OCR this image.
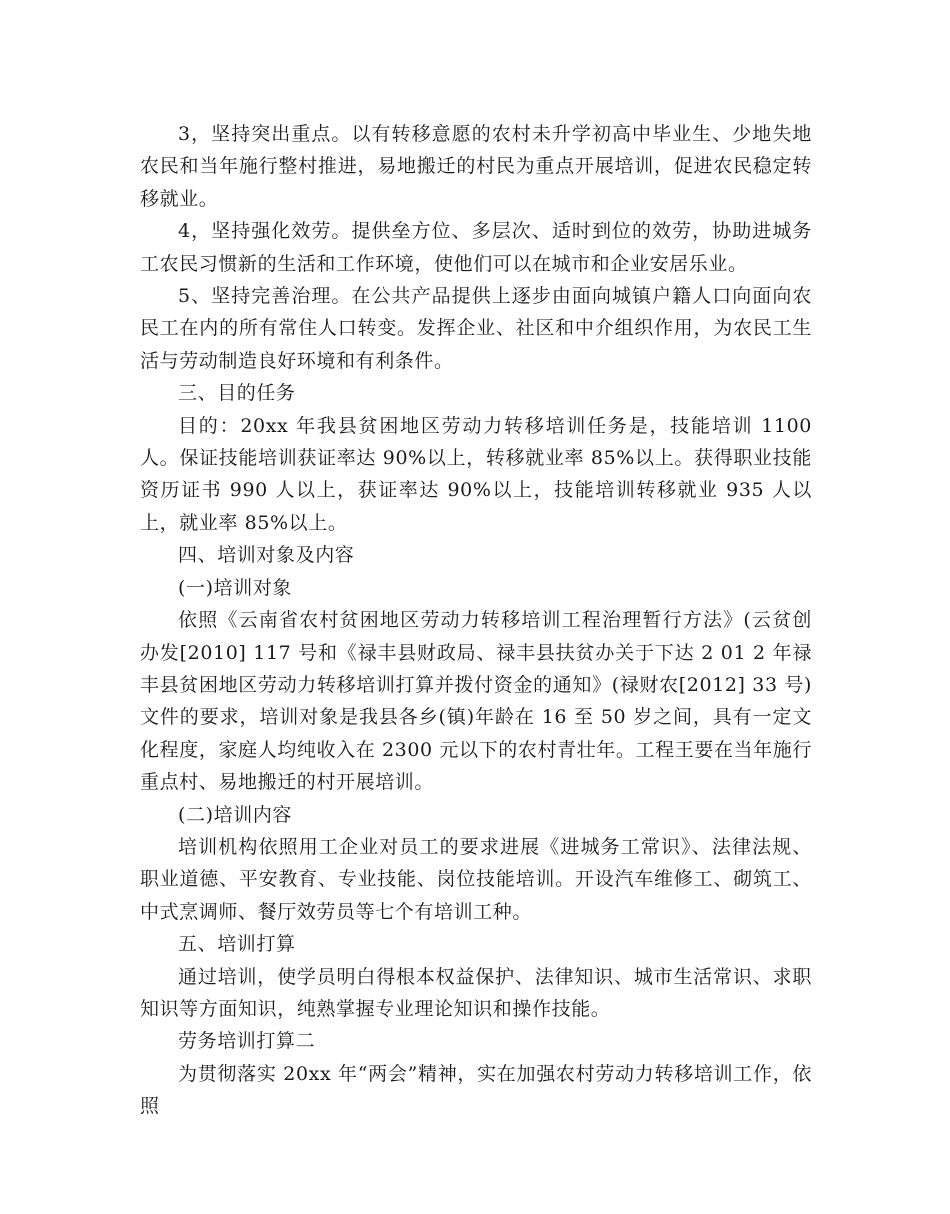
3，坚持突出重点。以有转移意愿的农村未升学初高中毕业生、少地失地农民和当年施行整村推进，易地搬迁的村民为重点开展培训，促进农民稳定转移就业。

4，坚持强化效劳。提供垒方位、多层次、适时到位的效劳，协助进城务工农民习惯新的生活和工作环境，使他们可以在城市和企业安居乐业。

5、坚持完善治理。在公共产品提供上逐步由面向城镇户籍人口向面向农民工在内的所有常住人口转变。发挥企业、社区和中介组织作用，为农民工生活与劳动制造良好环境和有利条件。

三、目的任务

目的：20xx 年我县贫困地区劳动力转移培训任务是，技能培训 1100 人。保证技能培训获证率达 90%以上，转移就业率 85%以上。获得职业技能资历证书 990 人以上，获证率达 90%以上，技能培训转移就业 935 人以上，就业率 85%以上。

四、培训对象及内容

(一)培训对象

依照《云南省农村贫困地区劳动力转移培训工程治理暂行方法》(云贫创办发[2010] 117 号和《禄丰县财政局、禄丰县扶贫办关于下达 2 01 2 年禄丰县贫困地区劳动力转移培训打算并拨付资金的通知》(禄财农[2012] 33 号)文件的要求，培训对象是我县各乡(镇)年龄在 16 至 50 岁之间，具有一定文化程度，家庭人均纯收入在 2300 元以下的农村青壮年。工程王要在当年施行重点村、易地搬迁的村开展培训。

(二)培训内容

培训机构依照用工企业对员工的要求进展《进城务工常识》、法律法规、职业道德、平安教育、专业技能、岗位技能培训。开设汽车维修工、砌筑工、中式烹调师、餐厅效劳员等七个有培训工种。

五、培训打算

通过培训，使学员明白得根本权益保护、法律知识、城市生活常识、求职知识等方面知识，纯熟掌握专业理论知识和操作技能。

劳务培训打算二

为贯彻落实 20xx 年“两会”精神，实在加强农村劳动力转移培训工作，依照
